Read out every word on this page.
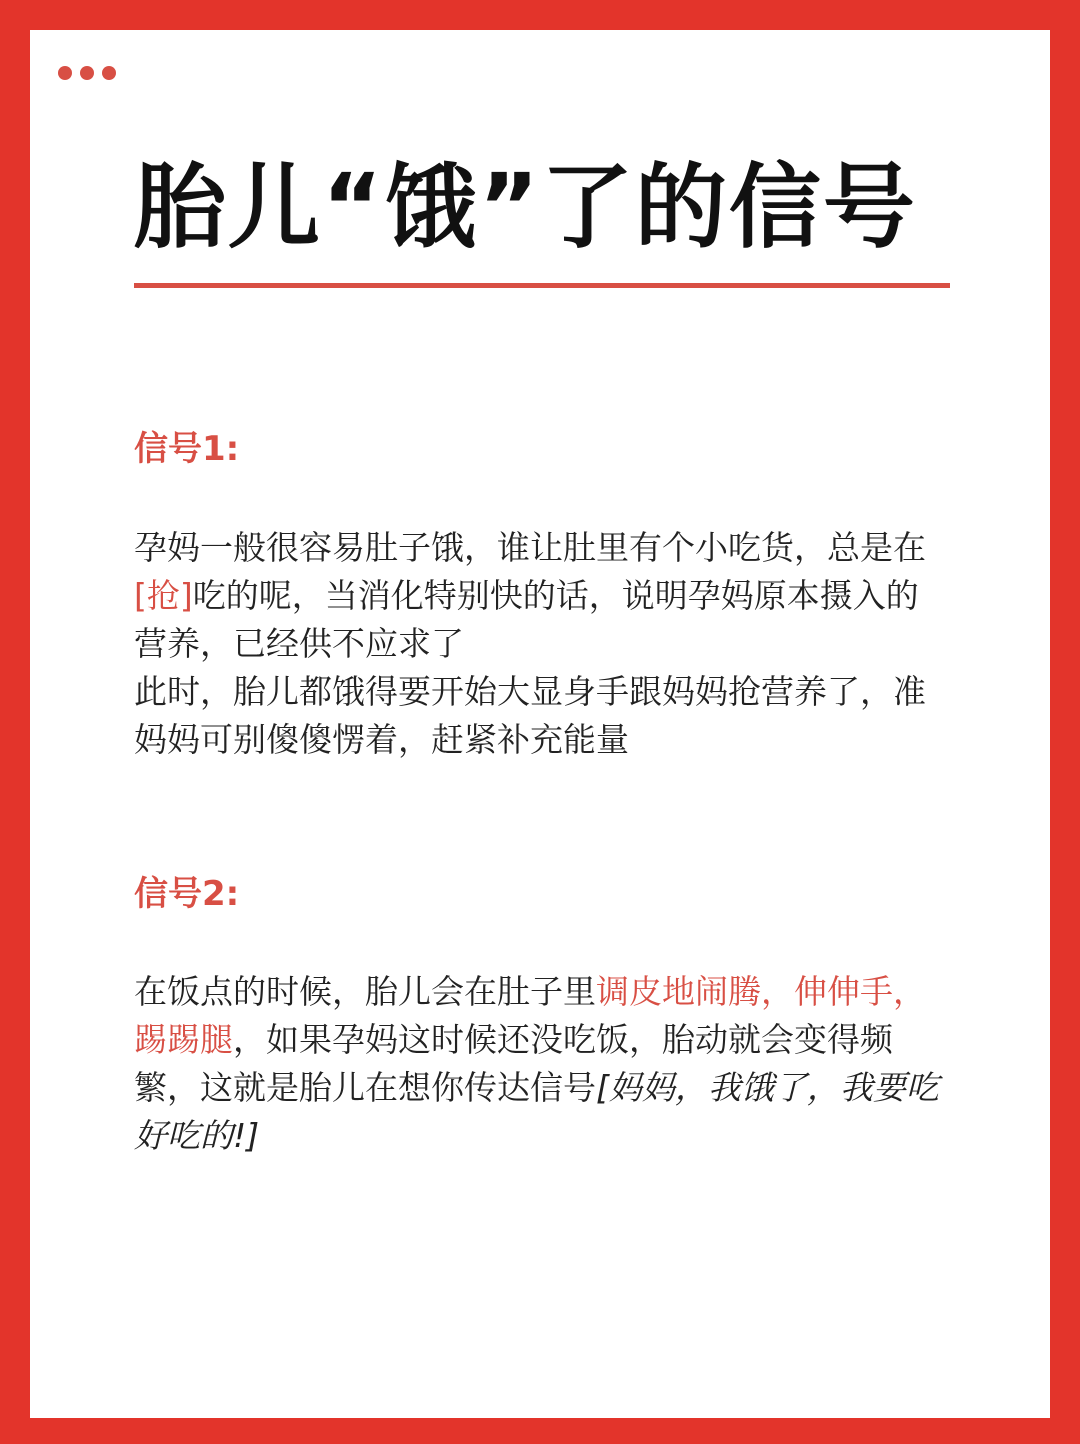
胎儿“饿”了的信号
信号1:
孕妈一般很容易肚子饿，谁让肚里有个小吃货，总是在
[抢]吃的呢，当消化特别快的话，说明孕妈原本摄入的
营养，已经供不应求了
此时，胎儿都饿得要开始大显身手跟妈妈抢营养了，准
妈妈可别傻傻愣着，赶紧补充能量
信号2:
在饭点的时候，胎儿会在肚子里调皮地闹腾，伸伸手，
踢踢腿，如果孕妈这时候还没吃饭，胎动就会变得频
繁，这就是胎儿在想你传达信号[妈妈，我饿了，我要吃
好吃的!]
